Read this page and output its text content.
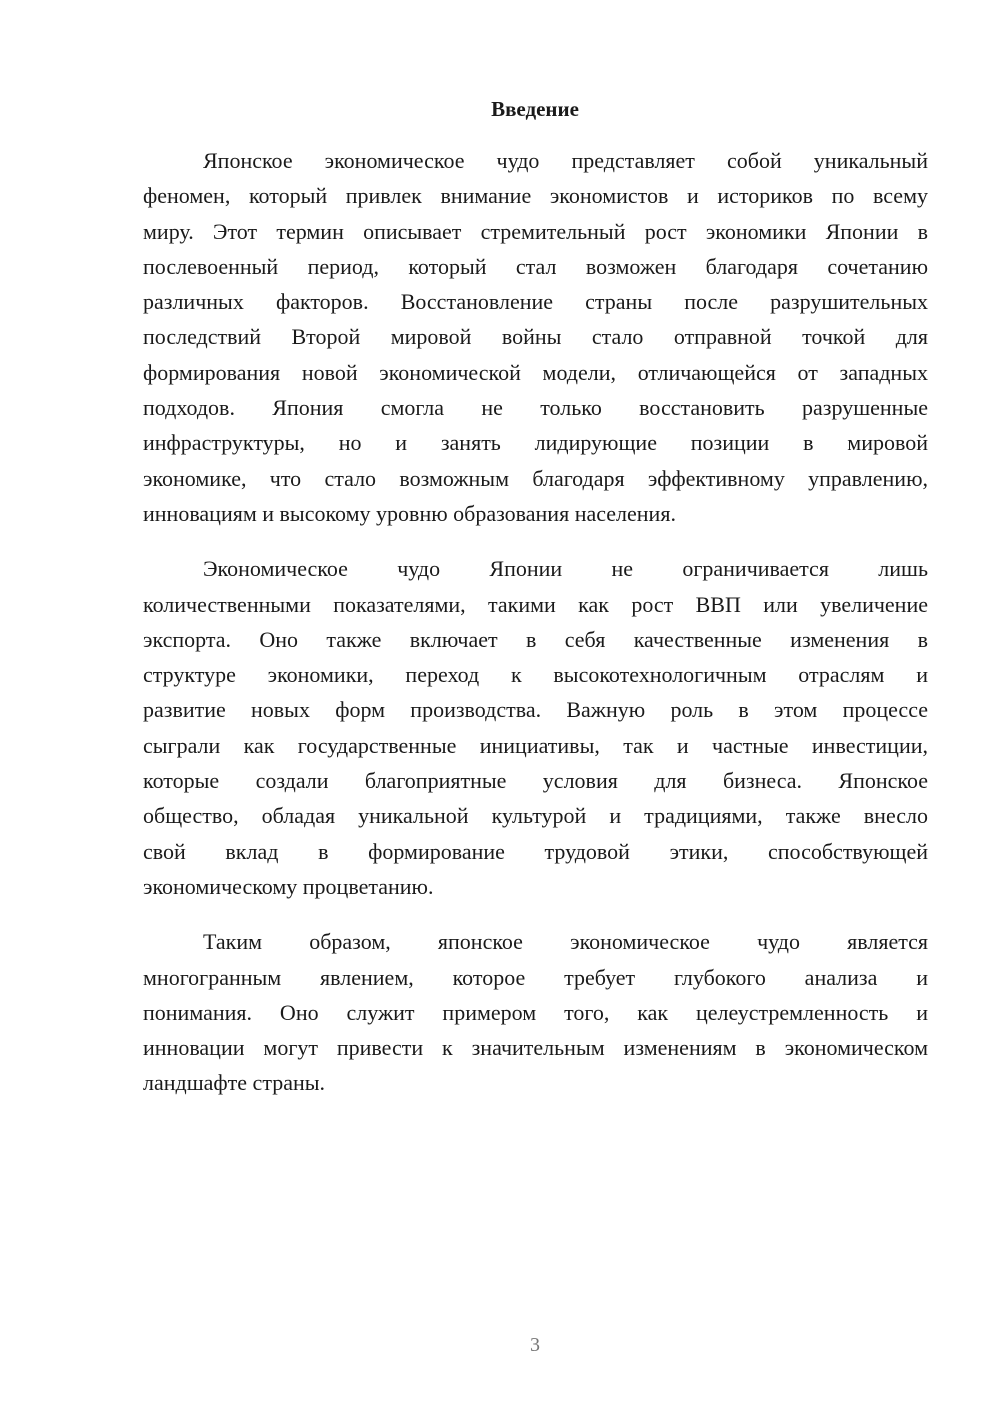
Введение
Японское экономическое чудо представляет собой уникальный
феномен, который привлек внимание экономистов и историков по всему
миру. Этот термин описывает стремительный рост экономики Японии в
послевоенный период, который стал возможен благодаря сочетанию
различных факторов. Восстановление страны после разрушительных
последствий Второй мировой войны стало отправной точкой для
формирования новой экономической модели, отличающейся от западных
подходов. Япония смогла не только восстановить разрушенные
инфраструктуры, но и занять лидирующие позиции в мировой
экономике, что стало возможным благодаря эффективному управлению,
инновациям и высокому уровню образования населения.
Экономическое чудо Японии не ограничивается лишь
количественными показателями, такими как рост ВВП или увеличение
экспорта. Оно также включает в себя качественные изменения в
структуре экономики, переход к высокотехнологичным отраслям и
развитие новых форм производства. Важную роль в этом процессе
сыграли как государственные инициативы, так и частные инвестиции,
которые создали благоприятные условия для бизнеса. Японское
общество, обладая уникальной культурой и традициями, также внесло
свой вклад в формирование трудовой этики, способствующей
экономическому процветанию.
Таким образом, японское экономическое чудо является
многогранным явлением, которое требует глубокого анализа и
понимания. Оно служит примером того, как целеустремленность и
инновации могут привести к значительным изменениям в экономическом
ландшафте страны.
3
